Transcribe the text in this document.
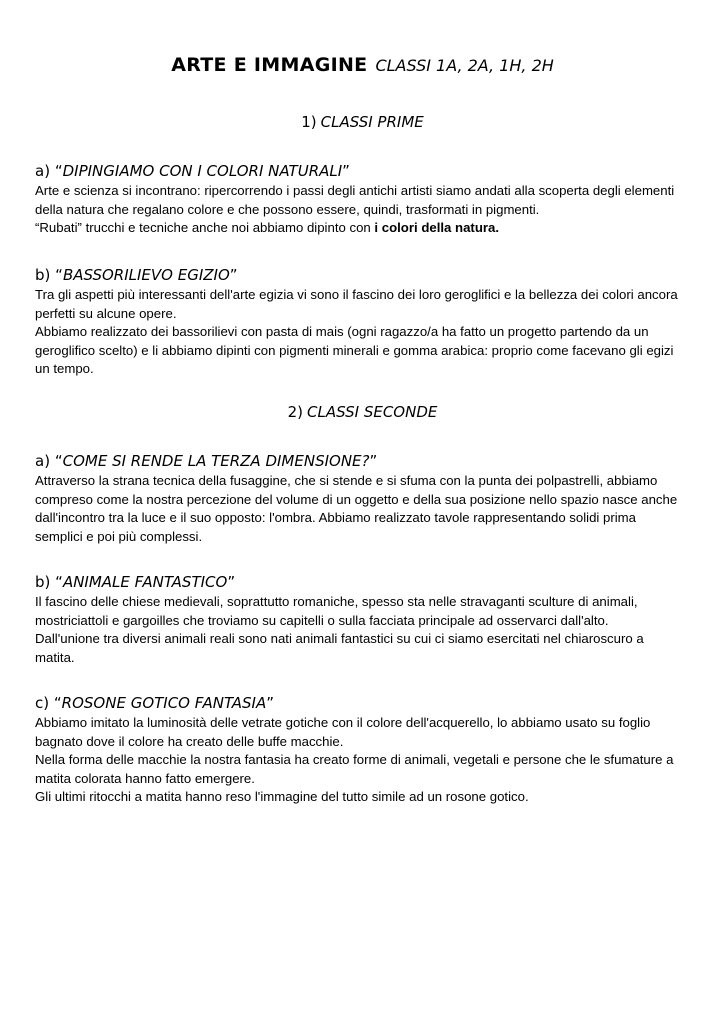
ARTE E IMMAGINE CLASSI 1A, 2A, 1H, 2H
1) CLASSI PRIME
a) “DIPINGIAMO CON I COLORI NATURALI”

Arte e scienza si incontrano: ripercorrendo i passi degli antichi artisti siamo andati alla scoperta degli elementi
della natura che regalano colore e che possono essere, quindi, trasformati in pigmenti.
“Rubati” trucchi e tecniche anche noi abbiamo dipinto con i colori della natura.

b) “BASSORILIEVO EGIZIO”

Tra gli aspetti più interessanti dell'arte egizia vi sono il fascino dei loro geroglifici e la bellezza dei colori ancora
perfetti su alcune opere.
Abbiamo realizzato dei bassorilievi con pasta di mais (ogni ragazzo/a ha fatto un progetto partendo da un
geroglifico scelto) e li abbiamo dipinti con pigmenti minerali e gomma arabica: proprio come facevano gli egizi
un tempo.

2) CLASSI SECONDE
a) “COME SI RENDE LA TERZA DIMENSIONE?”

Attraverso la strana tecnica della fusaggine, che si stende e si sfuma con la punta dei polpastrelli, abbiamo
compreso come la nostra percezione del volume di un oggetto e della sua posizione nello spazio nasce anche
dall'incontro tra la luce e il suo opposto: l'ombra. Abbiamo realizzato tavole rappresentando solidi prima
semplici e poi più complessi.

b) “ANIMALE FANTASTICO”

Il fascino delle chiese medievali, soprattutto romaniche, spesso sta nelle stravaganti sculture di animali,
mostriciattoli e gargoilles che troviamo su capitelli o sulla facciata principale ad osservarci dall'alto.
Dall'unione tra diversi animali reali sono nati animali fantastici su cui ci siamo esercitati nel chiaroscuro a
matita.

c) “ROSONE GOTICO FANTASIA”

Abbiamo imitato la luminosità delle vetrate gotiche con il colore dell'acquerello, lo abbiamo usato su foglio
bagnato dove il colore ha creato delle buffe macchie.
Nella forma delle macchie la nostra fantasia ha creato forme di animali, vegetali e persone che le sfumature a
matita colorata hanno fatto emergere.
Gli ultimi ritocchi a matita hanno reso l'immagine del tutto simile ad un rosone gotico.
